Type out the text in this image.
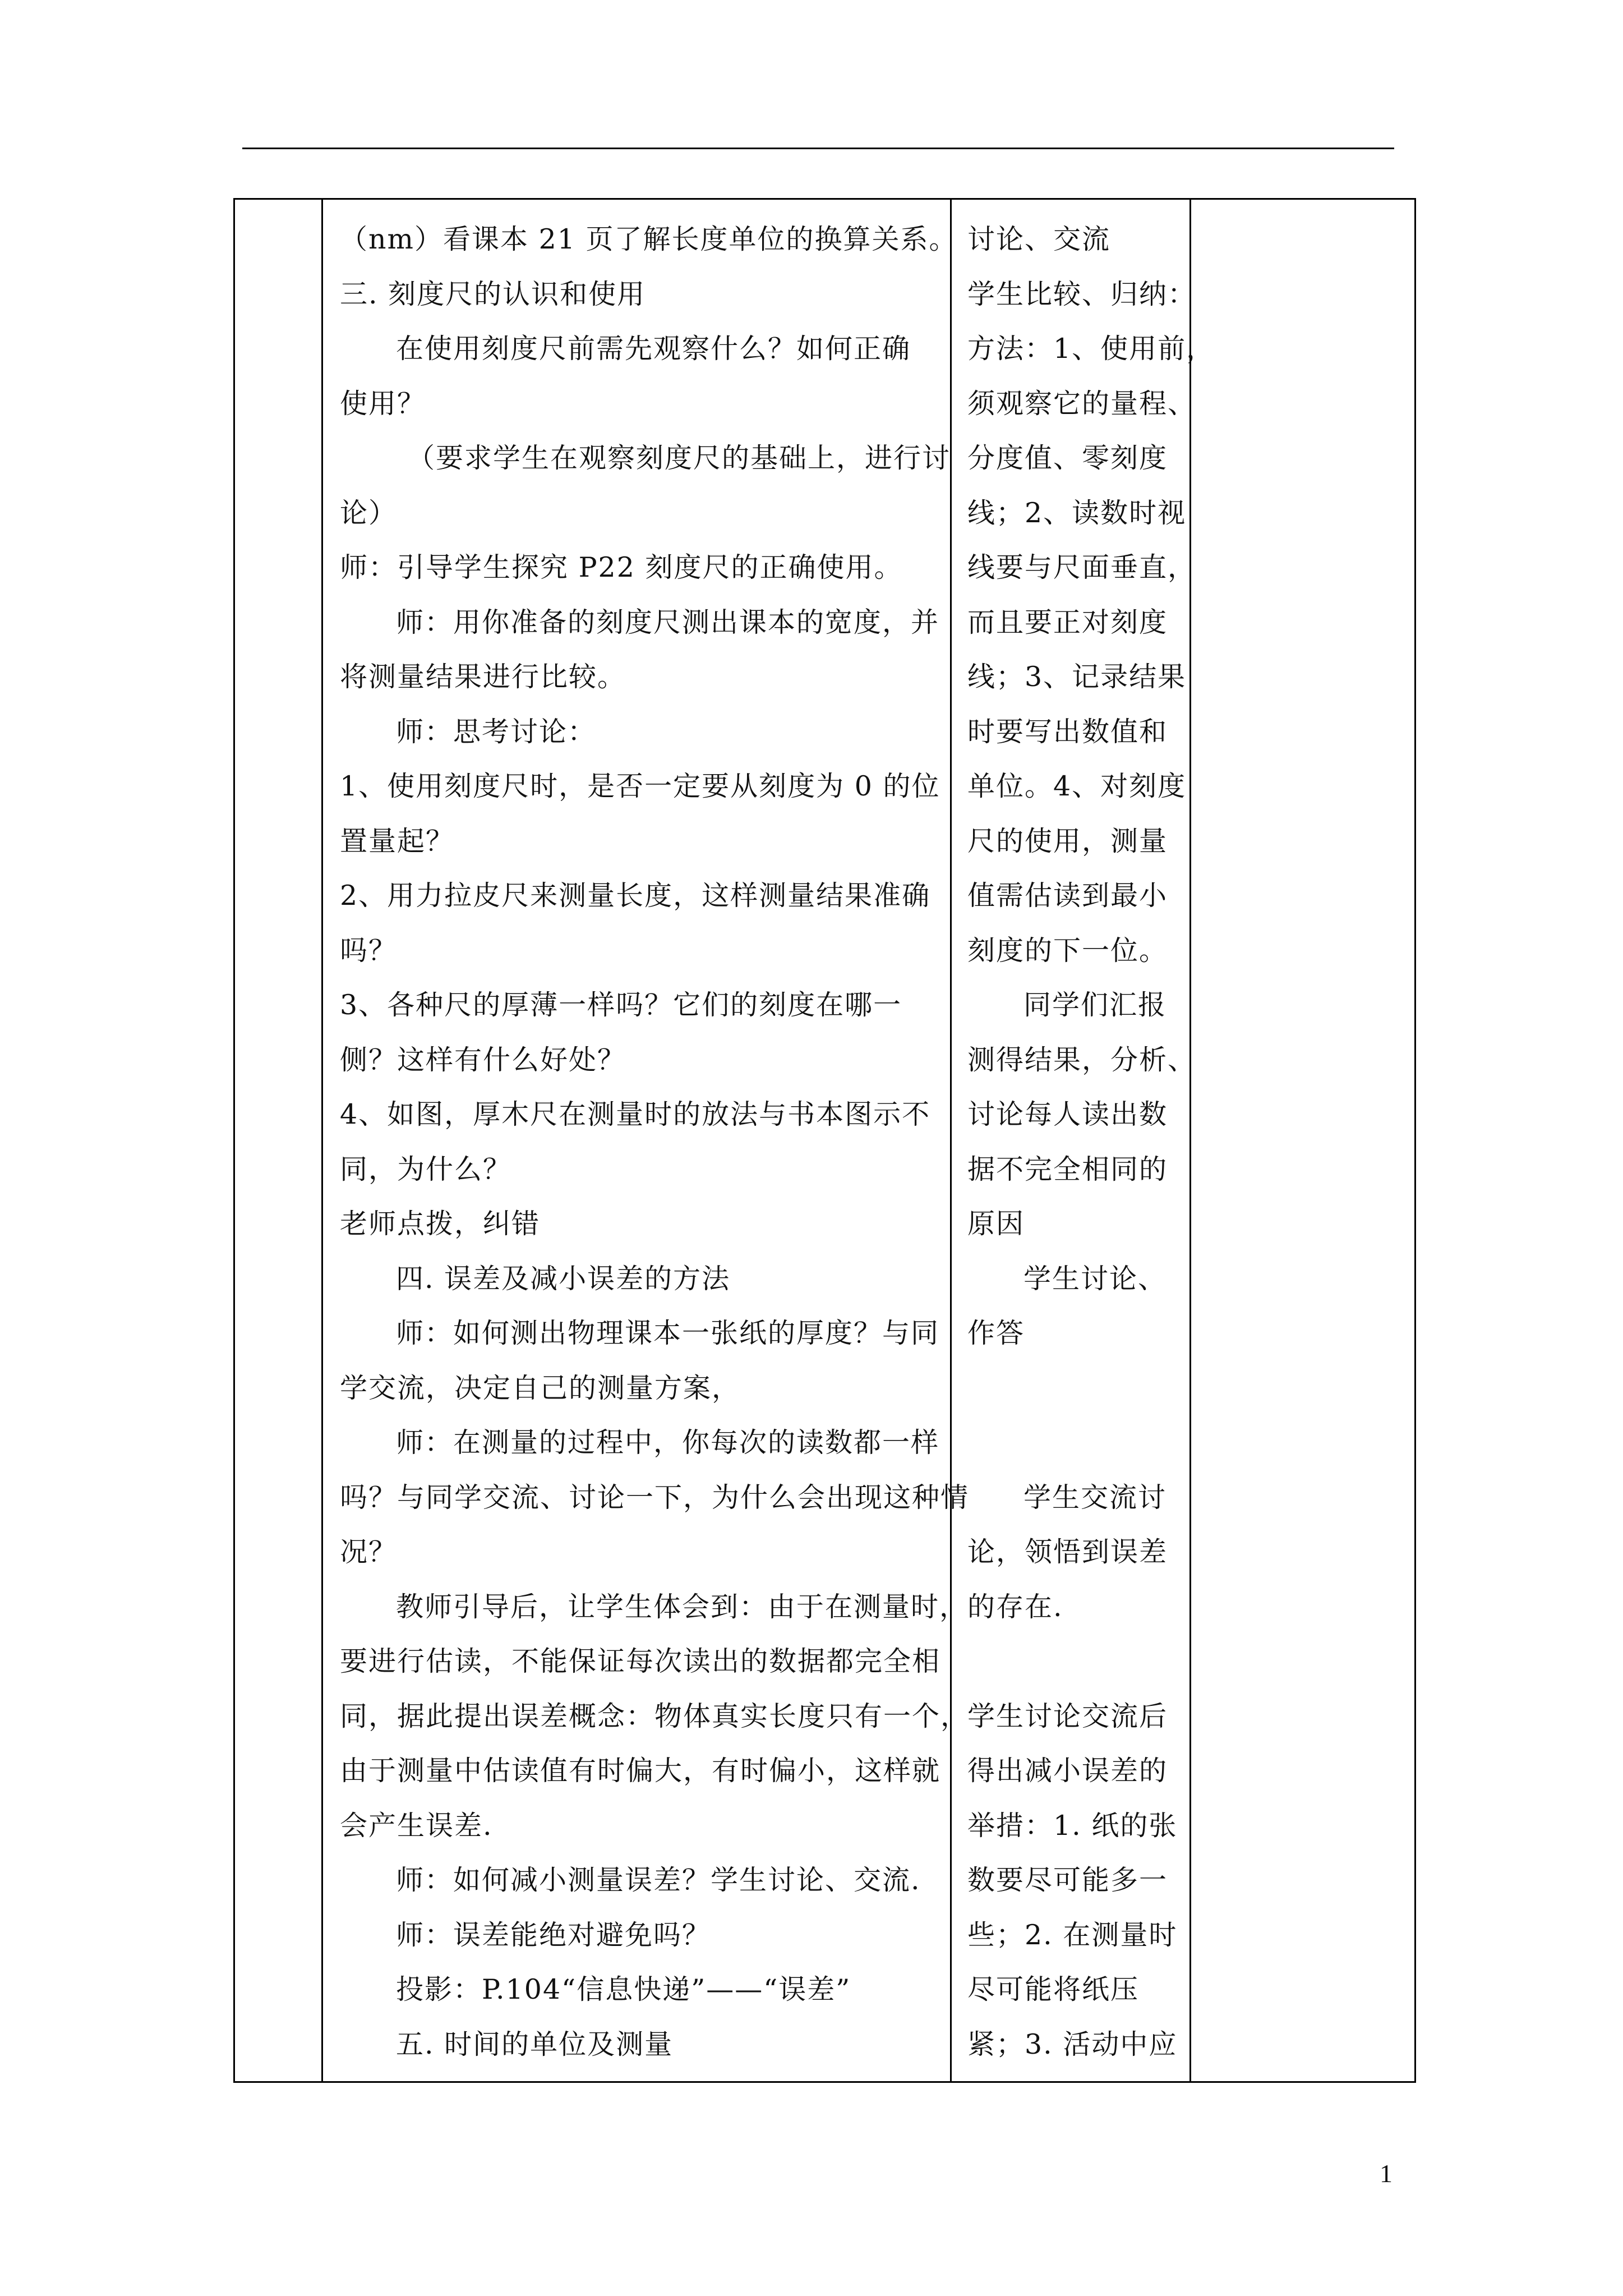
（nm）看课本 21 页了解长度单位的换算关系。
三. 刻度尺的认识和使用
在使用刻度尺前需先观察什么？如何正确
使用？
（要求学生在观察刻度尺的基础上，进行讨
论）
师：引导学生探究 P22 刻度尺的正确使用。
师：用你准备的刻度尺测出课本的宽度，并
将测量结果进行比较。
师：思考讨论：
1、使用刻度尺时，是否一定要从刻度为 0 的位
置量起？
2、用力拉皮尺来测量长度，这样测量结果准确
吗？
3、各种尺的厚薄一样吗？它们的刻度在哪一
侧？这样有什么好处？
4、如图，厚木尺在测量时的放法与书本图示不
同，为什么？
老师点拨，纠错
四. 误差及减小误差的方法
师：如何测出物理课本一张纸的厚度？与同
学交流，决定自己的测量方案，
师：在测量的过程中，你每次的读数都一样
吗？与同学交流、讨论一下，为什么会出现这种情
况？
教师引导后，让学生体会到：由于在测量时，
要进行估读，不能保证每次读出的数据都完全相
同，据此提出误差概念：物体真实长度只有一个，
由于测量中估读值有时偏大，有时偏小，这样就
会产生误差.
师：如何减小测量误差？学生讨论、交流.
师：误差能绝对避免吗？
投影：P.104“信息快递”——“误差”
五. 时间的单位及测量

讨论、交流
学生比较、归纳：
方法：1、使用前，
须观察它的量程、
分度值、零刻度
线；2、读数时视
线要与尺面垂直，
而且要正对刻度
线；3、记录结果
时要写出数值和
单位。4、对刻度
尺的使用，测量
值需估读到最小
刻度的下一位。
同学们汇报
测得结果，分析、
讨论每人读出数
据不完全相同的
原因
学生讨论、
作答
学生交流讨
论，领悟到误差
的存在.
学生讨论交流后
得出减小误差的
举措：1. 纸的张
数要尽可能多一
些；2. 在测量时
尽可能将纸压
紧；3. 活动中应

1
